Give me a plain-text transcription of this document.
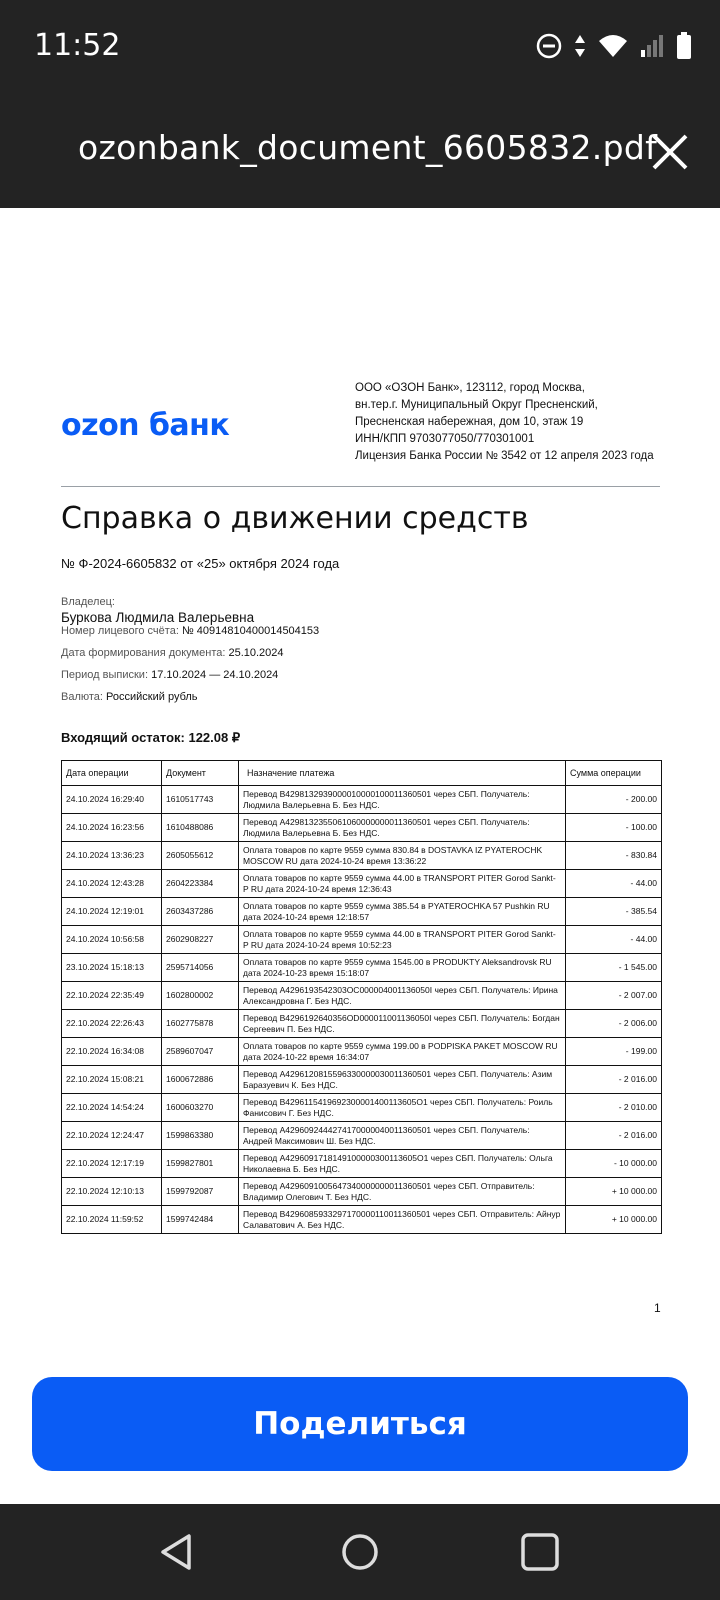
11:52
ozonbank_document_6605832.pdf
ozon банк
ООО «ОЗОН Банк», 123112, город Москва,
вн.тер.г. Муниципальный Округ Пресненский,
Пресненская набережная, дом 10, этаж 19
ИНН/КПП 9703077050/770301001
Лицензия Банка России № 3542 от 12 апреля 2023 года
Справка о движении средств
№ Ф-2024-6605832 от «25» октября 2024 года
Владелец:
Буркова Людмила Валерьевна
Номер лицевого счёта: № 40914810400014504153
Дата формирования документа: 25.10.2024
Период выписки: 17.10.2024 — 24.10.2024
Валюта: Российский рубль
Входящий остаток: 122.08 ₽
Дата операции	Документ	Назначение платежа	Сумма операции
24.10.2024 16:29:40	1610517743	Перевод B4298132939000010000100011360501 через СБП. Получатель: Людмила Валерьевна Б. Без НДС.	- 200.00
24.10.2024 16:23:56	1610488086	Перевод A4298132355061060000000011360501 через СБП. Получатель: Людмила Валерьевна Б. Без НДС.	- 100.00
24.10.2024 13:36:23	2605055612	Оплата товаров по карте 9559 сумма 830.84 в DOSTAVKA IZ PYATEROCHK MOSCOW RU дата 2024-10-24 время 13:36:22	- 830.84
24.10.2024 12:43:28	2604223384	Оплата товаров по карте 9559 сумма 44.00 в TRANSPORT PITER Gorod Sankt-P RU дата 2024-10-24 время 12:36:43	- 44.00
24.10.2024 12:19:01	2603437286	Оплата товаров по карте 9559 сумма 385.54 в PYATEROCHKA 57 Pushkin RU дата 2024-10-24 время 12:18:57	- 385.54
24.10.2024 10:56:58	2602908227	Оплата товаров по карте 9559 сумма 44.00 в TRANSPORT PITER Gorod Sankt-P RU дата 2024-10-24 время 10:52:23	- 44.00
23.10.2024 15:18:13	2595714056	Оплата товаров по карте 9559 сумма 1545.00 в PRODUKTY Aleksandrovsk RU дата 2024-10-23 время 15:18:07	- 1 545.00
22.10.2024 22:35:49	1602800002	Перевод A4296193542303OC000004001136050I через СБП. Получатель: Ирина Александровна Г. Без НДС.	- 2 007.00
22.10.2024 22:26:43	1602775878	Перевод B4296192640356OD000011001136050I через СБП. Получатель: Богдан Сергеевич П. Без НДС.	- 2 006.00
22.10.2024 16:34:08	2589607047	Оплата товаров по карте 9559 сумма 199.00 в PODPISKA PAKET MOSCOW RU дата 2024-10-22 время 16:34:07	- 199.00
22.10.2024 15:08:21	1600672886	Перевод A4296120815596330000030011360501 через СБП. Получатель: Азим Баразуевич К. Без НДС.	- 2 016.00
22.10.2024 14:54:24	1600603270	Перевод B4296115419692300001400113605O1 через СБП. Получатель: Роиль Фанисович Г. Без НДС.	- 2 010.00
22.10.2024 12:24:47	1599863380	Перевод A4296092444274170000040011360501 через СБП. Получатель: Андрей Максимович Ш. Без НДС.	- 2 016.00
22.10.2024 12:17:19	1599827801	Перевод A4296091718149100000300113605O1 через СБП. Получатель: Ольга Николаевна Б. Без НДС.	- 10 000.00
22.10.2024 12:10:13	1599792087	Перевод A4296091005647340000000011360501 через СБП. Отправитель: Владимир Олегович Т. Без НДС.	+ 10 000.00
22.10.2024 11:59:52	1599742484	Перевод B4296085933297170000110011360501 через СБП. Отправитель: Айнур Салаватович А. Без НДС.	+ 10 000.00
1
Поделиться
